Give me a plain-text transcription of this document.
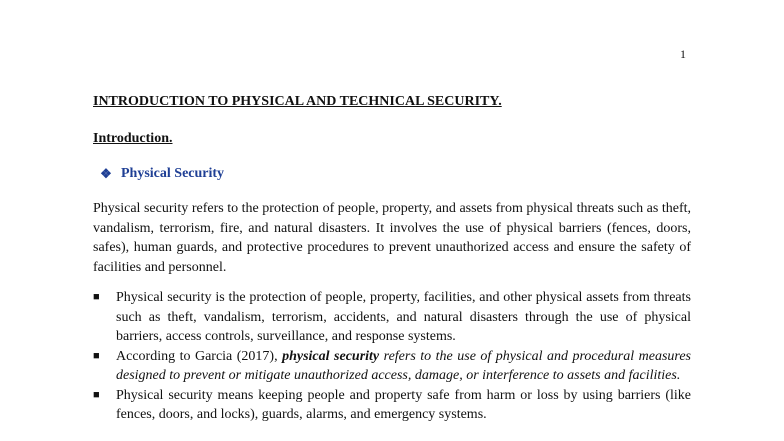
1
INTRODUCTION TO PHYSICAL AND TECHNICAL SECURITY.
Introduction.
❖ Physical Security

Physical security refers to the protection of people, property, and assets from physical threats such as theft, vandalism, terrorism, fire, and natural disasters. It involves the use of physical barriers (fences, doors, safes), human guards, and protective procedures to prevent unauthorized access and ensure the safety of facilities and personnel.

■	Physical security is the protection of people, property, facilities, and other physical assets from threats such as theft, vandalism, terrorism, accidents, and natural disasters through the use of physical barriers, access controls, surveillance, and response systems.
■	According to Garcia (2017), physical security refers to the use of physical and procedural measures designed to prevent or mitigate unauthorized access, damage, or interference to assets and facilities.
■	Physical security means keeping people and property safe from harm or loss by using barriers (like fences, doors, and locks), guards, alarms, and emergency systems.
